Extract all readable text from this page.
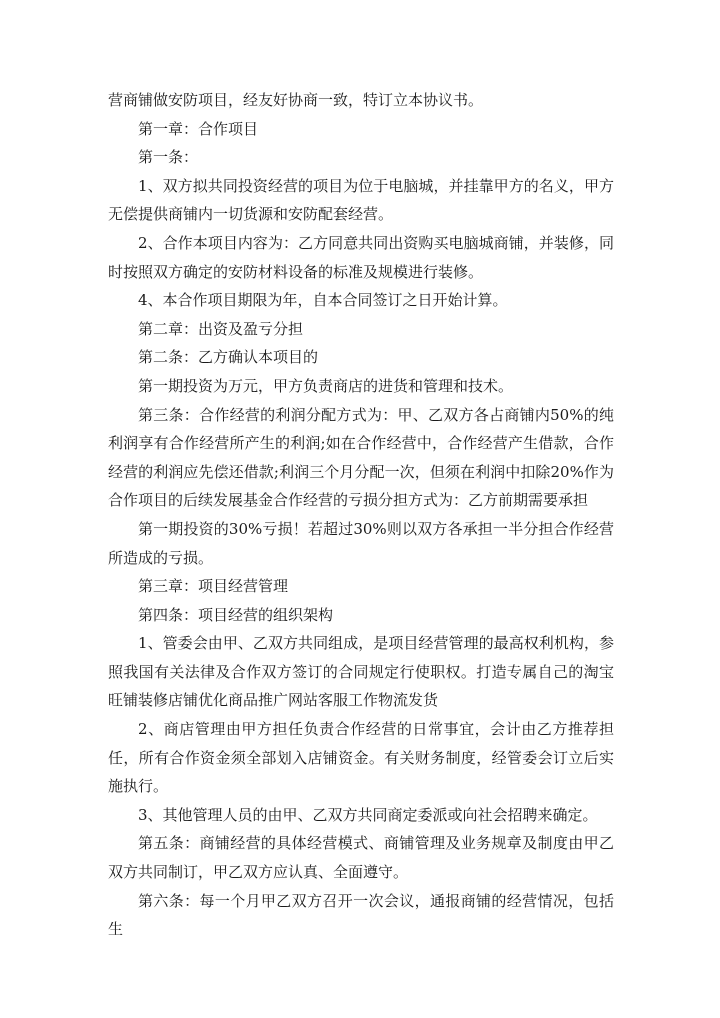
营商铺做安防项目，经友好协商一致，特订立本协议书。

第一章：合作项目

第一条：

1、双方拟共同投资经营的项目为位于电脑城，并挂靠甲方的名义，甲方无偿提供商铺内一切货源和安防配套经营。

2、合作本项目内容为：乙方同意共同出资购买电脑城商铺，并装修，同时按照双方确定的安防材料设备的标准及规模进行装修。

4、本合作项目期限为年，自本合同签订之日开始计算。

第二章：出资及盈亏分担

第二条：乙方确认本项目的

第一期投资为万元，甲方负责商店的进货和管理和技术。

第三条：合作经营的利润分配方式为：甲、乙双方各占商铺内50%的纯利润享有合作经营所产生的利润;如在合作经营中，合作经营产生借款，合作经营的利润应先偿还借款;利润三个月分配一次，但须在利润中扣除20%作为合作项目的后续发展基金合作经营的亏损分担方式为：乙方前期需要承担

第一期投资的30%亏损！若超过30%则以双方各承担一半分担合作经营所造成的亏损。

第三章：项目经营管理

第四条：项目经营的组织架构

1、管委会由甲、乙双方共同组成，是项目经营管理的最高权利机构，参照我国有关法律及合作双方签订的合同规定行使职权。打造专属自己的淘宝旺铺装修店铺优化商品推广网站客服工作物流发货

2、商店管理由甲方担任负责合作经营的日常事宜，会计由乙方推荐担任，所有合作资金须全部划入店铺资金。有关财务制度，经管委会订立后实施执行。

3、其他管理人员的由甲、乙双方共同商定委派或向社会招聘来确定。

第五条：商铺经营的具体经营模式、商铺管理及业务规章及制度由甲乙双方共同制订，甲乙双方应认真、全面遵守。

第六条：每一个月甲乙双方召开一次会议，通报商铺的经营情况，包括生
